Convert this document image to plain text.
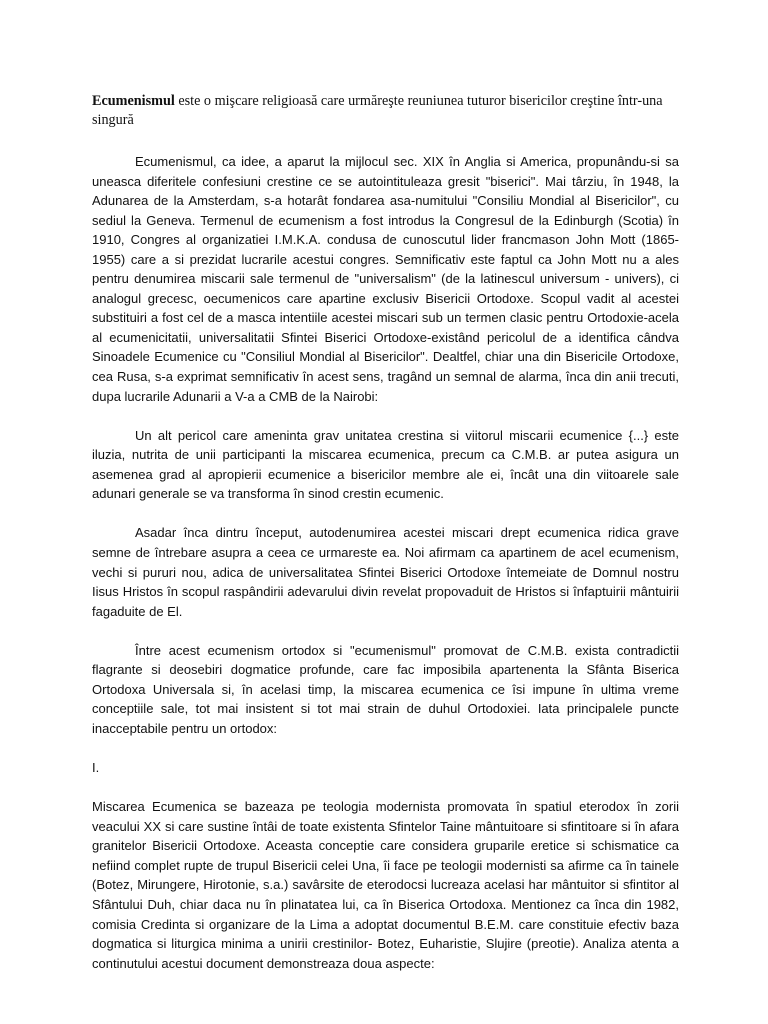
Ecumenismul este o mişcare religioasă care urmăreşte reuniunea tuturor bisericilor creştine într-una singură

Ecumenismul, ca idee, a aparut la mijlocul sec. XIX în Anglia si America, propunându-si sa uneasca diferitele confesiuni crestine ce se autointituleaza gresit "biserici". Mai târziu, în 1948, la Adunarea de la Amsterdam, s-a hotarât fondarea asa-numitului "Consiliu Mondial al Bisericilor", cu sediul la Geneva. Termenul de ecumenism a fost introdus la Congresul de la Edinburgh (Scotia) în 1910, Congres al organizatiei I.M.K.A. condusa de cunoscutul lider francmason John Mott (1865-1955) care a si prezidat lucrarile acestui congres. Semnificativ este faptul ca John Mott nu a ales pentru denumirea miscarii sale termenul de "universalism" (de la latinescul universum - univers), ci analogul grecesc, oecumenicos care apartine exclusiv Bisericii Ortodoxe. Scopul vadit al acestei substituiri a fost cel de a masca intentiile acestei miscari sub un termen clasic pentru Ortodoxie-acela al ecumenicitatii, universalitatii Sfintei Biserici Ortodoxe-existând pericolul de a identifica cândva Sinoadele Ecumenice cu "Consiliul Mondial al Bisericilor". Dealtfel, chiar una din Bisericile Ortodoxe, cea Rusa, s-a exprimat semnificativ în acest sens, tragând un semnal de alarma, înca din anii trecuti, dupa lucrarile Adunarii a V-a a CMB de la Nairobi:

Un alt pericol care ameninta grav unitatea crestina si viitorul miscarii ecumenice {...} este iluzia, nutrita de unii participanti la miscarea ecumenica, precum ca C.M.B. ar putea asigura un asemenea grad al apropierii ecumenice a bisericilor membre ale ei, încât una din viitoarele sale adunari generale se va transforma în sinod crestin ecumenic.

Asadar înca dintru început, autodenumirea acestei miscari drept ecumenica ridica grave semne de întrebare asupra a ceea ce urmareste ea. Noi afirmam ca apartinem de acel ecumenism, vechi si pururi nou, adica de universalitatea Sfintei Biserici Ortodoxe întemeiate de Domnul nostru Iisus Hristos în scopul raspândirii adevarului divin revelat propovaduit de Hristos si înfaptuirii mântuirii fagaduite de El.

Între acest ecumenism ortodox si "ecumenismul" promovat de C.M.B. exista contradictii flagrante si deosebiri dogmatice profunde, care fac imposibila apartenenta la Sfânta Biserica Ortodoxa Universala si, în acelasi timp, la miscarea ecumenica ce îsi impune în ultima vreme conceptiile sale, tot mai insistent si tot mai strain de duhul Ortodoxiei. Iata principalele puncte inacceptabile pentru un ortodox:

I.

Miscarea Ecumenica se bazeaza pe teologia modernista promovata în spatiul eterodox în zorii veacului XX si care sustine întâi de toate existenta Sfintelor Taine mântuitoare si sfintitoare si în afara granitelor Bisericii Ortodoxe. Aceasta conceptie care considera gruparile eretice si schismatice ca nefiind complet rupte de trupul Bisericii celei Una, îi face pe teologii modernisti sa afirme ca în tainele (Botez, Mirungere, Hirotonie, s.a.) savârsite de eterodocsi lucreaza acelasi har mântuitor si sfintitor al Sfântului Duh, chiar daca nu în plinatatea lui, ca în Biserica Ortodoxa. Mentionez ca înca din 1982, comisia Credinta si organizare de la Lima a adoptat documentul B.E.M. care constituie efectiv baza dogmatica si liturgica minima a unirii crestinilor- Botez, Euharistie, Slujire (preotie). Analiza atenta a continutului acestui document demonstreaza doua aspecte:
